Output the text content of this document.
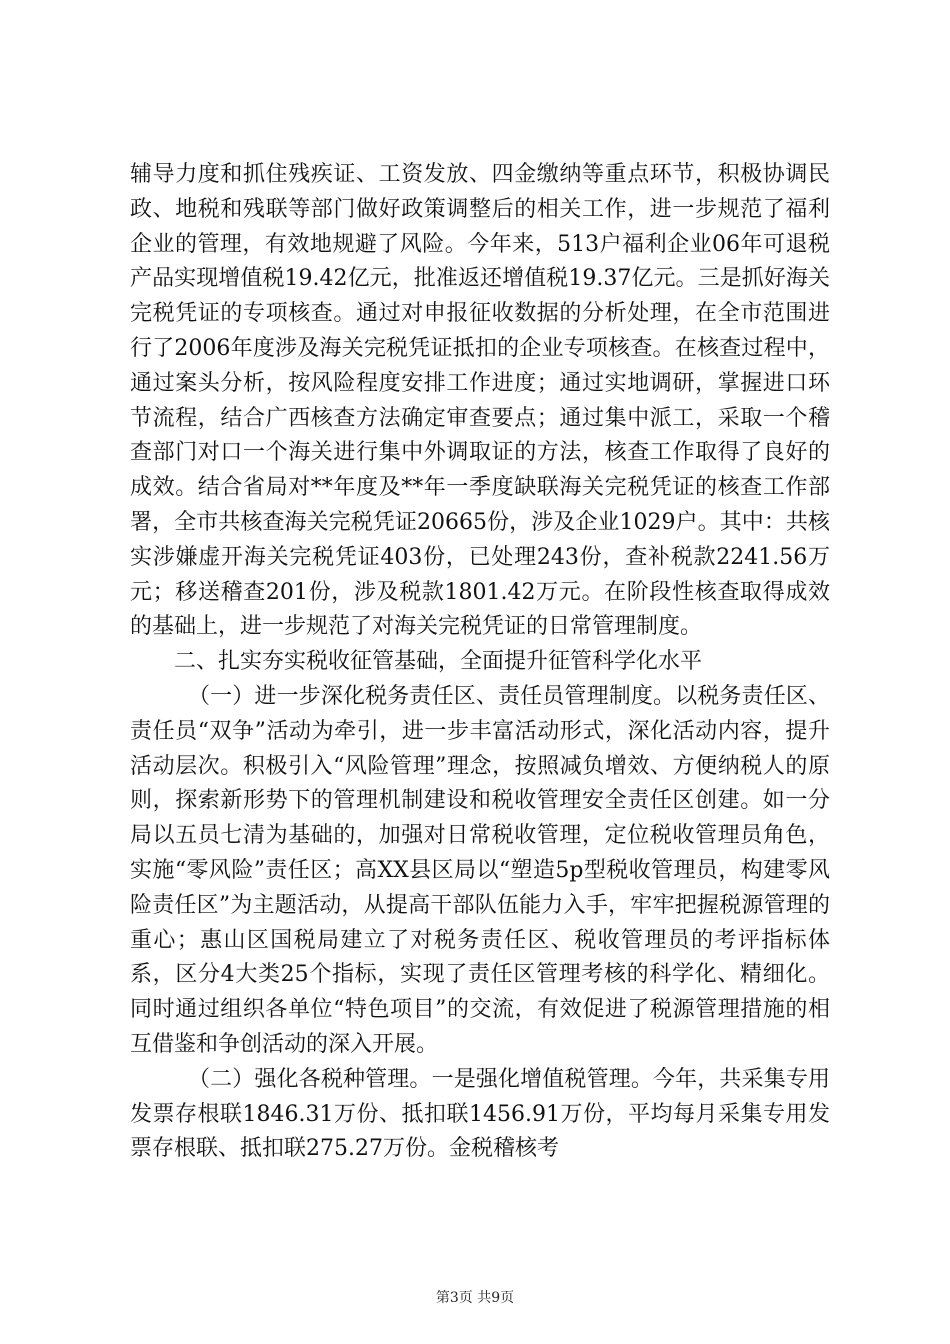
辅导力度和抓住残疾证、工资发放、四金缴纳等重点环节，积极协调民政、地税和残联等部门做好政策调整后的相关工作，进一步规范了福利企业的管理，有效地规避了风险。今年来，513户福利企业06年可退税产品实现增值税19.42亿元，批准返还增值税19.37亿元。三是抓好海关完税凭证的专项核查。通过对申报征收数据的分析处理，在全市范围进行了2006年度涉及海关完税凭证抵扣的企业专项核查。在核查过程中，通过案头分析，按风险程度安排工作进度；通过实地调研，掌握进口环节流程，结合广西核查方法确定审查要点；通过集中派工，采取一个稽查部门对口一个海关进行集中外调取证的方法，核查工作取得了良好的成效。结合省局对**年度及**年一季度缺联海关完税凭证的核查工作部署，全市共核查海关完税凭证20665份，涉及企业1029户。其中：共核实涉嫌虚开海关完税凭证403份，已处理243份，查补税款2241.56万元；移送稽查201份，涉及税款1801.42万元。在阶段性核查取得成效的基础上，进一步规范了对海关完税凭证的日常管理制度。

二、扎实夯实税收征管基础，全面提升征管科学化水平

（一）进一步深化税务责任区、责任员管理制度。以税务责任区、责任员“双争”活动为牵引，进一步丰富活动形式，深化活动内容，提升活动层次。积极引入“风险管理”理念，按照减负增效、方便纳税人的原则，探索新形势下的管理机制建设和税收管理安全责任区创建。如一分局以五员七清为基础的，加强对日常税收管理，定位税收管理员角色，实施“零风险”责任区；高XX县区局以“塑造5p型税收管理员，构建零风险责任区”为主题活动，从提高干部队伍能力入手，牢牢把握税源管理的重心；惠山区国税局建立了对税务责任区、税收管理员的考评指标体系，区分4大类25个指标，实现了责任区管理考核的科学化、精细化。同时通过组织各单位“特色项目”的交流，有效促进了税源管理措施的相互借鉴和争创活动的深入开展。

（二）强化各税种管理。一是强化增值税管理。今年，共采集专用发票存根联1846.31万份、抵扣联1456.91万份，平均每月采集专用发票存根联、抵扣联275.27万份。金税稽核考

第3页 共9页
